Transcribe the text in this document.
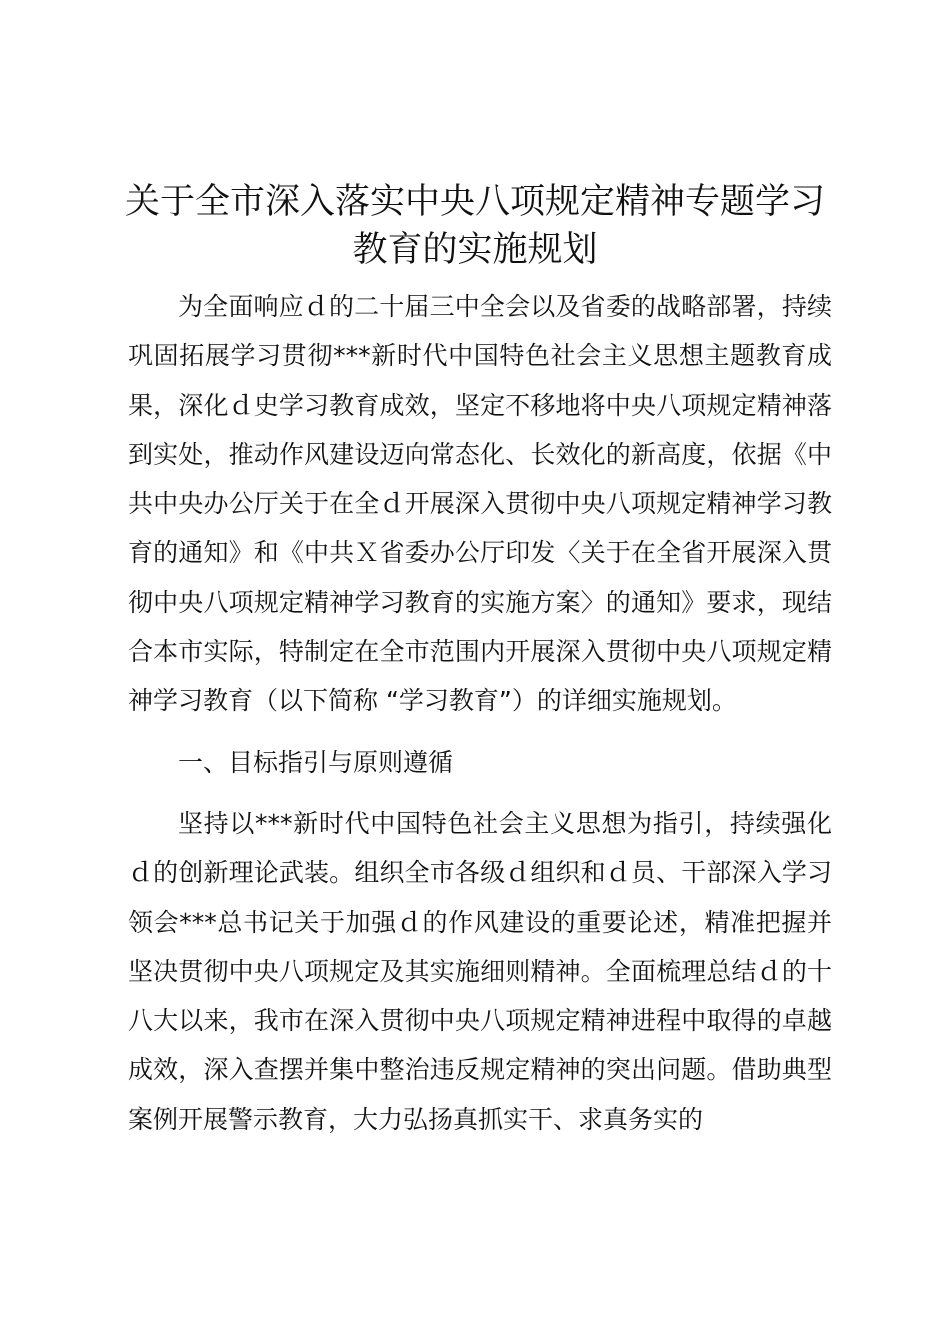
关于全市深入落实中央八项规定精神专题学习教育的实施规划

为全面响应ｄ的二十届三中全会以及省委的战略部署，持续巩固拓展学习贯彻***新时代中国特色社会主义思想主题教育成果，深化ｄ史学习教育成效，坚定不移地将中央八项规定精神落到实处，推动作风建设迈向常态化、长效化的新高度，依据《中共中央办公厅关于在全ｄ开展深入贯彻中央八项规定精神学习教育的通知》和《中共Ｘ省委办公厅印发〈关于在全省开展深入贯彻中央八项规定精神学习教育的实施方案〉的通知》要求，现结合本市实际，特制定在全市范围内开展深入贯彻中央八项规定精神学习教育（以下简称 “学习教育”）的详细实施规划。

一、目标指引与原则遵循

坚持以***新时代中国特色社会主义思想为指引，持续强化ｄ的创新理论武装。组织全市各级ｄ组织和ｄ员、干部深入学习领会***总书记关于加强ｄ的作风建设的重要论述，精准把握并坚决贯彻中央八项规定及其实施细则精神。全面梳理总结ｄ的十八大以来，我市在深入贯彻中央八项规定精神进程中取得的卓越成效，深入查摆并集中整治违反规定精神的突出问题。借助典型案例开展警示教育，大力弘扬真抓实干、求真务实的
